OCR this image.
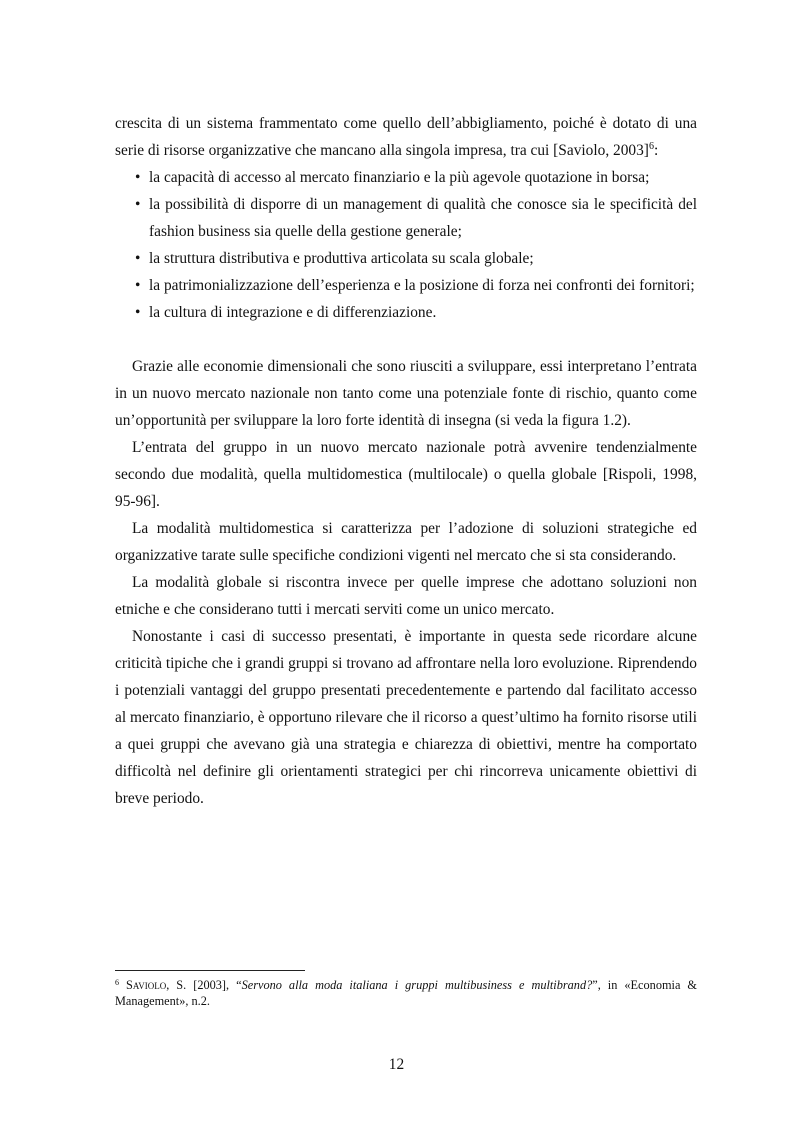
crescita di un sistema frammentato come quello dell’abbigliamento, poiché è dotato di una serie di risorse organizzative che mancano alla singola impresa, tra cui [Saviolo, 2003]$^6$:

• la capacità di accesso al mercato finanziario e la più agevole quotazione in borsa;
• la possibilità di disporre di un management di qualità che conosce sia le specificità del fashion business sia quelle della gestione generale;
• la struttura distributiva e produttiva articolata su scala globale;
• la patrimonializzazione dell’esperienza e la posizione di forza nei confronti dei fornitori;
• la cultura di integrazione e di differenziazione.

Grazie alle economie dimensionali che sono riusciti a sviluppare, essi interpretano l’entrata in un nuovo mercato nazionale non tanto come una potenziale fonte di rischio, quanto come un’opportunità per sviluppare la loro forte identità di insegna (si veda la figura 1.2).

L’entrata del gruppo in un nuovo mercato nazionale potrà avvenire tendenzialmente secondo due modalità, quella multidomestica (multilocale) o quella globale [Rispoli, 1998, 95-96].

La modalità multidomestica si caratterizza per l’adozione di soluzioni strategiche ed organizzative tarate sulle specifiche condizioni vigenti nel mercato che si sta considerando.

La modalità globale si riscontra invece per quelle imprese che adottano soluzioni non etniche e che considerano tutti i mercati serviti come un unico mercato.

Nonostante i casi di successo presentati, è importante in questa sede ricordare alcune criticità tipiche che i grandi gruppi si trovano ad affrontare nella loro evoluzione. Riprendendo i potenziali vantaggi del gruppo presentati precedentemente e partendo dal facilitato accesso al mercato finanziario, è opportuno rilevare che il ricorso a quest’ultimo ha fornito risorse utili a quei gruppi che avevano già una strategia e chiarezza di obiettivi, mentre ha comportato difficoltà nel definire gli orientamenti strategici per chi rincorreva unicamente obiettivi di breve periodo.

$^6$ Saviolo, S. [2003], “Servono alla moda italiana i gruppi multibusiness e multibrand?”, in «Economia & Management», n.2.
12
